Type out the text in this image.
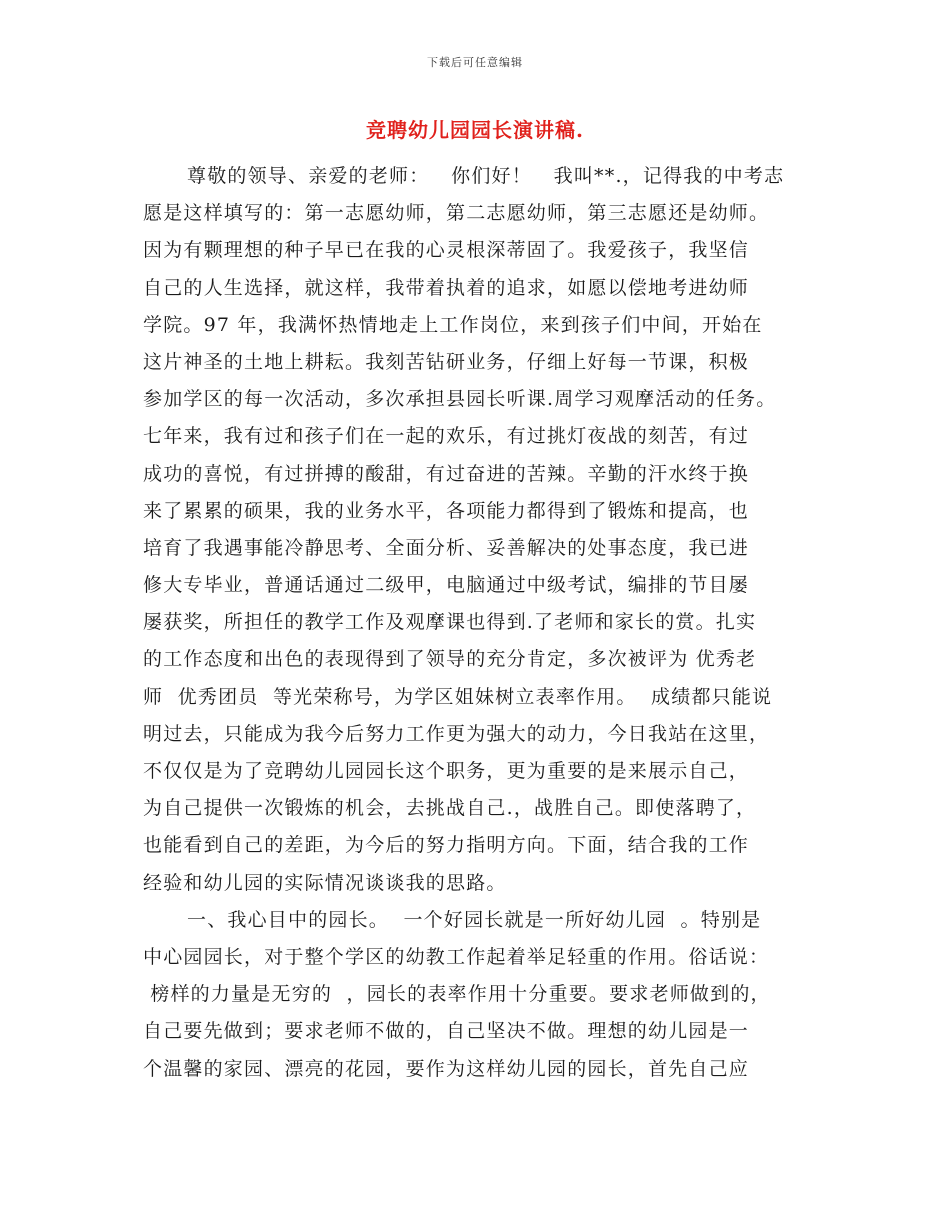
下载后可任意编辑
竞聘幼儿园园长演讲稿.
尊敬的领导、亲爱的老师：   你们好！   我叫**.，记得我的中考志
愿是这样填写的：第一志愿幼师，第二志愿幼师，第三志愿还是幼师。
因为有颗理想的种子早已在我的心灵根深蒂固了。我爱孩子，我坚信
自己的人生选择，就这样，我带着执着的追求，如愿以偿地考进幼师
学院。97 年，我满怀热情地走上工作岗位，来到孩子们中间，开始在
这片神圣的土地上耕耘。我刻苦钻研业务，仔细上好每一节课，积极
参加学区的每一次活动，多次承担县园长听课.周学习观摩活动的任务。
七年来，我有过和孩子们在一起的欢乐，有过挑灯夜战的刻苦，有过
成功的喜悦，有过拼搏的酸甜，有过奋进的苦辣。辛勤的汗水终于换
来了累累的硕果，我的业务水平，各项能力都得到了锻炼和提高，也
培育了我遇事能冷静思考、全面分析、妥善解决的处事态度，我已进
修大专毕业，普通话通过二级甲，电脑通过中级考试，编排的节目屡
屡获奖，所担任的教学工作及观摩课也得到.了老师和家长的赏。扎实
的工作态度和出色的表现得到了领导的充分肯定，多次被评为 优秀老
师  优秀团员  等光荣称号，为学区姐妹树立表率作用。  成绩都只能说
明过去，只能成为我今后努力工作更为强大的动力，今日我站在这里，
不仅仅是为了竞聘幼儿园园长这个职务，更为重要的是来展示自己，
为自己提供一次锻炼的机会，去挑战自己.，战胜自己。即使落聘了，
也能看到自己的差距，为今后的努力指明方向。下面，结合我的工作
经验和幼儿园的实际情况谈谈我的思路。
一、我心目中的园长。  一个好园长就是一所好幼儿园  。特别是
中心园园长，对于整个学区的幼教工作起着举足轻重的作用。俗话说：
榜样的力量是无穷的  ，园长的表率作用十分重要。要求老师做到的，
自己要先做到；要求老师不做的，自己坚决不做。理想的幼儿园是一
个温馨的家园、漂亮的花园，要作为这样幼儿园的园长，首先自己应
